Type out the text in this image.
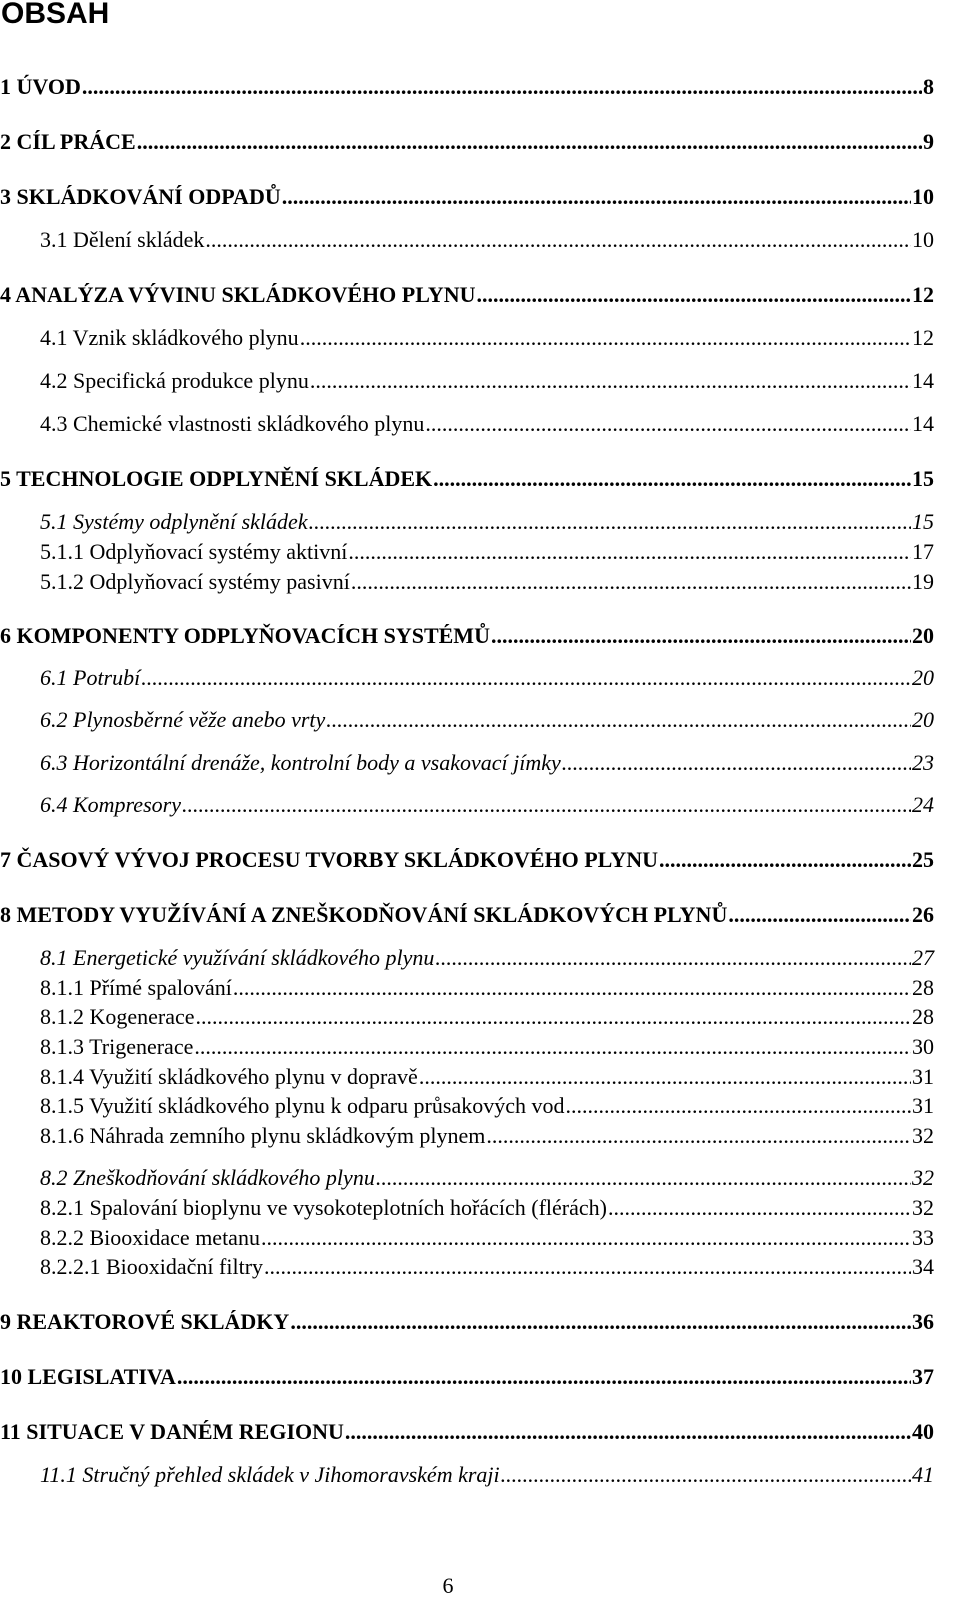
OBSAH
1 ÚVOD .....	8
2 CÍL PRÁCE .....	9
3 SKLÁDKOVÁNÍ ODPADŮ .....	10
3.1 Dělení skládek .....	10
4 ANALÝZA VÝVINU SKLÁDKOVÉHO PLYNU .....	12
4.1 Vznik skládkového plynu .....	12
4.2 Specifická produkce plynu .....	14
4.3 Chemické vlastnosti skládkového plynu .....	14
5 TECHNOLOGIE ODPLYNĚNÍ SKLÁDEK .....	15
5.1 Systémy odplynění skládek .....	15
5.1.1 Odplyňovací systémy aktivní .....	17
5.1.2 Odplyňovací systémy pasivní .....	19
6 KOMPONENTY ODPLYŇOVACÍCH SYSTÉMŮ .....	20
6.1 Potrubí .....	20
6.2 Plynosběrné věže anebo vrty .....	20
6.3 Horizontální drenáže, kontrolní body a vsakovací jímky .....	23
6.4 Kompresory .....	24
7 ČASOVÝ VÝVOJ PROCESU TVORBY SKLÁDKOVÉHO PLYNU .....	25
8 METODY VYUŽÍVÁNÍ A ZNEŠKODŇOVÁNÍ SKLÁDKOVÝCH PLYNŮ .....	26
8.1 Energetické využívání skládkového plynu .....	27
8.1.1 Přímé spalování .....	28
8.1.2 Kogenerace .....	28
8.1.3 Trigenerace .....	30
8.1.4 Využití skládkového plynu v dopravě .....	31
8.1.5 Využití skládkového plynu k odparu průsakových vod .....	31
8.1.6 Náhrada zemního plynu skládkovým plynem .....	32
8.2 Zneškodňování skládkového plynu .....	32
8.2.1 Spalování bioplynu ve vysokoteplotních hořácích (flérách) .....	32
8.2.2 Biooxidace metanu .....	33
8.2.2.1 Biooxidační filtry .....	34
9 REAKTOROVÉ SKLÁDKY .....	36
10 LEGISLATIVA .....	37
11 SITUACE V DANÉM REGIONU .....	40
11.1 Stručný přehled skládek v Jihomoravském kraji .....	41
6
